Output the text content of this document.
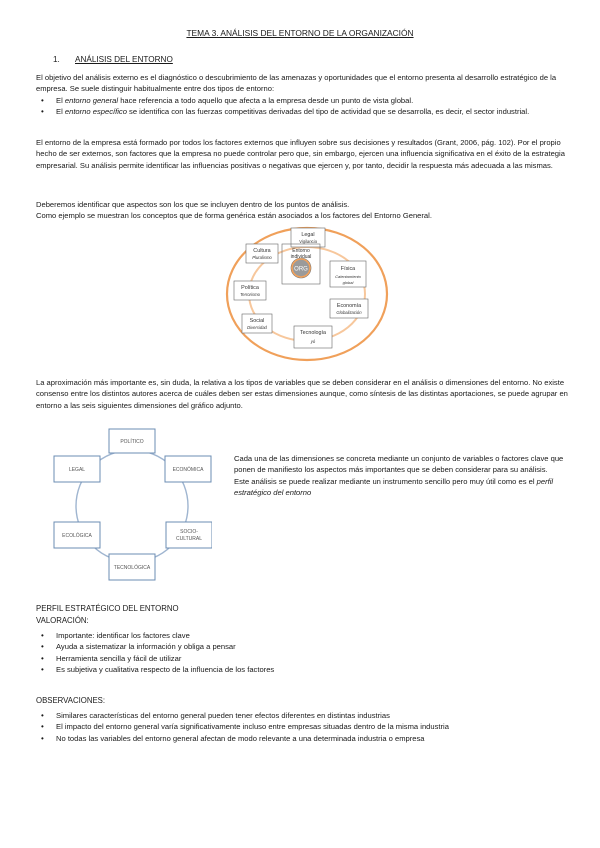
TEMA 3. ANÁLISIS DEL ENTORNO DE LA ORGANIZACIÓN
1. ANÁLISIS DEL ENTORNO
El objetivo del análisis externo es el diagnóstico o descubrimiento de las amenazas y oportunidades que el entorno presenta al desarrollo estratégico de la empresa. Se suele distinguir habitualmente entre dos tipos de entorno:
• El entorno general hace referencia a todo aquello que afecta a la empresa desde un punto de vista global.
• El entorno específico se identifica con las fuerzas competitivas derivadas del tipo de actividad que se desarrolla, es decir, el sector industrial.
El entorno de la empresa está formado por todos los factores externos que influyen sobre sus decisiones y resultados (Grant, 2006, pág. 102). Por el propio hecho de ser externos, son factores que la empresa no puede controlar pero que, sin embargo, ejercen una influencia significativa en el éxito de la estrategia empresarial. Su análisis permite identificar las influencias positivas o negativas que ejercen y, por tanto, decidir la respuesta más adecuada a las mismas.
Deberemos identificar que aspectos son los que se incluyen dentro de los puntos de análisis.
Como ejemplo se muestran los conceptos que de forma genérica están asociados a los factores del Entorno General.
ORG
Legal
Vigilancia
Física
Calentamiento
global
Economía
Globalización
Tecnología
yó
Social
Diversidad
Política
Terrorismo
Cultura
Pluralismo
Entorno
individual
La aproximación más importante es, sin duda, la relativa a los tipos de variables que se deben considerar en el análisis o dimensiones del entorno. No existe consenso entre los distintos autores acerca de cuáles deben ser estas dimensiones aunque, como síntesis de las distintas aportaciones, se puede agrupar en entorno a las seis siguientes dimensiones del gráfico adjunto.
POLÍTICO
ECONÓMICA
SOCIO-
CULTURAL
TECNOLÓGICA
ECOLÓGICA
LEGAL
Cada una de las dimensiones se concreta mediante un conjunto de variables o factores clave que ponen de manifiesto los aspectos más importantes que se deben considerar para su análisis.
Este análisis se puede realizar mediante un instrumento sencillo pero muy útil como es el perfil estratégico del entorno
PERFIL ESTRATÉGICO DEL ENTORNO
VALORACIÓN:
• Importante: identificar los factores clave
• Ayuda a sistematizar la información y obliga a pensar
• Herramienta sencilla y fácil de utilizar
• Es subjetiva y cualitativa respecto de la influencia de los factores
OBSERVACIONES:
• Similares características del entorno general pueden tener efectos diferentes en distintas industrias
• El impacto del entorno general varía significativamente incluso entre empresas situadas dentro de la misma industria
• No todas las variables del entorno general afectan de modo relevante a una determinada industria o empresa
